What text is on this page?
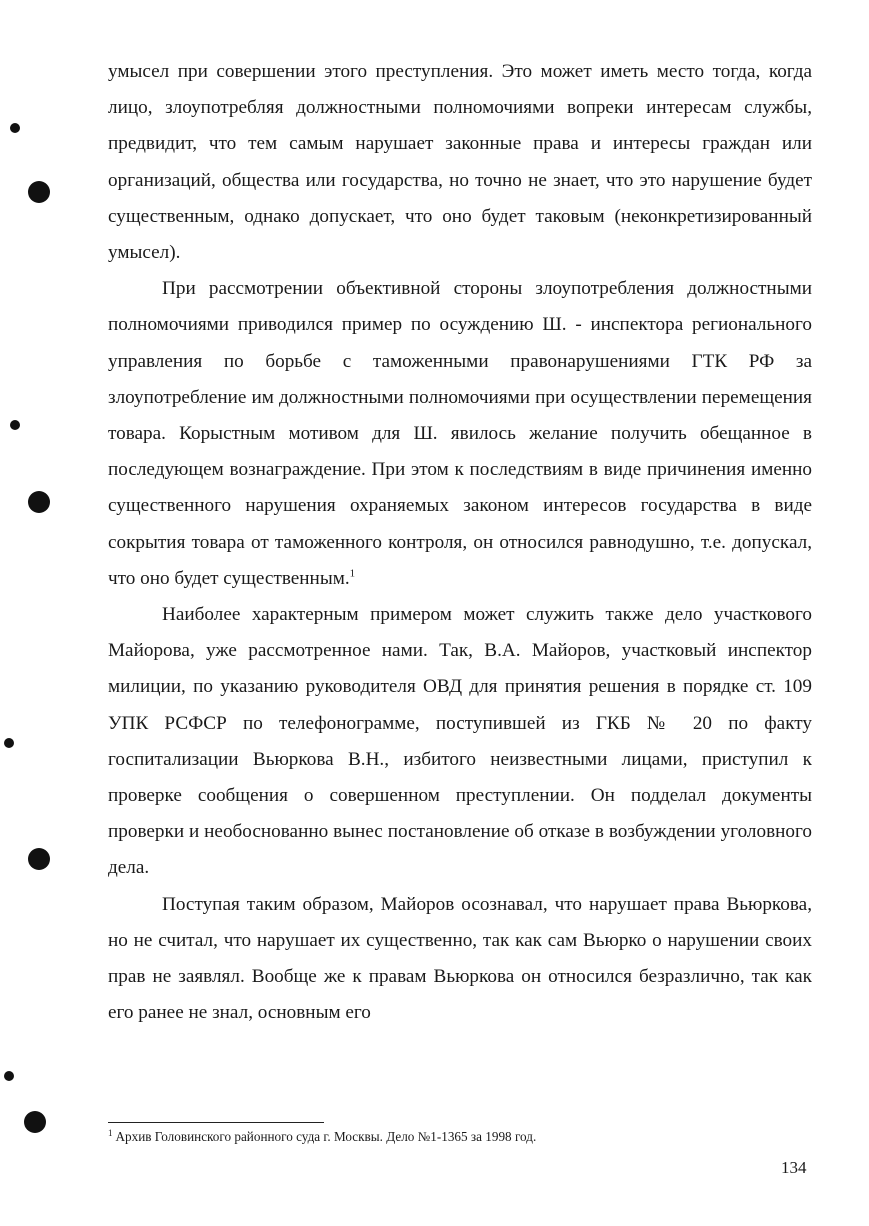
умысел при совершении этого преступления. Это может иметь место тогда, когда лицо, злоупотребляя должностными полномочиями вопреки интересам службы, предвидит, что тем самым нарушает законные права и интересы граждан или организаций, общества или государства, но точно не знает, что это нарушение будет существенным, однако допускает, что оно будет таковым (неконкретизированный умысел).

При рассмотрении объективной стороны злоупотребления должностными полномочиями приводился пример по осуждению Ш. - инспектора регионального управления по борьбе с таможенными правонарушениями ГТК РФ за злоупотребление им должностными полномочиями при осуществлении перемещения товара. Корыстным мотивом для Ш. явилось желание получить обещанное в последующем вознаграждение. При этом к последствиям в виде причинения именно существенного нарушения охраняемых законом интересов государства в виде сокрытия товара от таможенного контроля, он относился равнодушно, т.е. допускал, что оно будет существенным.$^1$

Наиболее характерным примером может служить также дело участкового Майорова, уже рассмотренное нами. Так, В.А. Майоров, участковый инспектор милиции, по указанию руководителя ОВД для принятия решения в порядке ст. 109 УПК РСФСР по телефонограмме, поступившей из ГКБ № 20 по факту госпитализации Вьюркова В.Н., избитого неизвестными лицами, приступил к проверке сообщения о совершенном преступлении. Он подделал документы проверки и необоснованно вынес постановление об отказе в возбуждении уголовного дела.

Поступая таким образом, Майоров осознавал, что нарушает права Вьюркова, но не считал, что нарушает их существенно, так как сам Вьюрко о нарушении своих прав не заявлял. Вообще же к правам Вьюркова он относился безразлично, так как его ранее не знал, основным его

$^1$ Архив Головинского районного суда г. Москвы. Дело №1-1365 за 1998 год.
134
